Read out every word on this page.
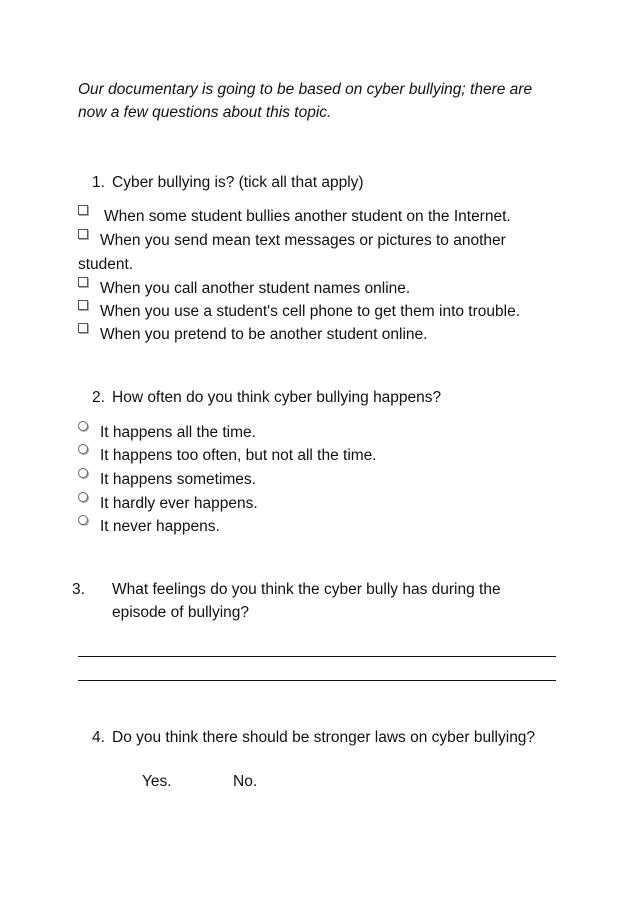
Our documentary is going to be based on cyber bullying; there are now a few questions about this topic.
1. Cyber bullying is? (tick all that apply)
When some student bullies another student on the Internet.
When you send mean text messages or pictures to another student.
When you call another student names online.
When you use a student's cell phone to get them into trouble.
When you pretend to be another student online.
2. How often do you think cyber bullying happens?
It happens all the time.
It happens too often, but not all the time.
It happens sometimes.
It hardly ever happens.
It never happens.
3. What feelings do you think the cyber bully has during the episode of bullying?
4. Do you think there should be stronger laws on cyber bullying?
Yes.	No.
